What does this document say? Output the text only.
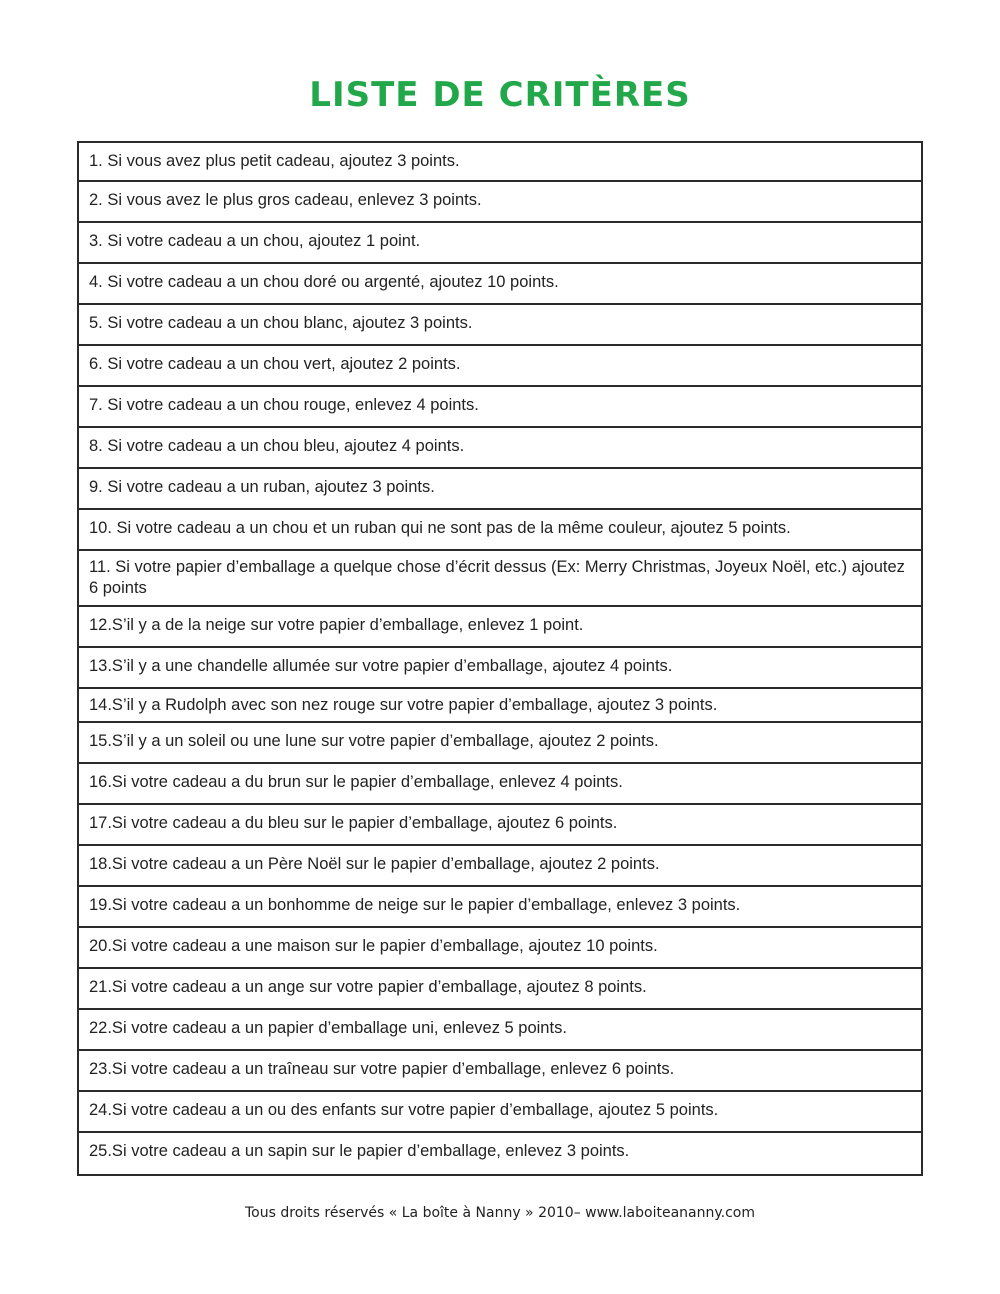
LISTE DE CRITÈRES
1. Si vous avez plus petit cadeau, ajoutez 3 points.
2. Si vous avez le plus gros cadeau, enlevez 3 points.
3. Si votre cadeau a un chou, ajoutez 1 point.
4. Si votre cadeau a un chou doré ou argenté, ajoutez 10 points.
5. Si votre cadeau a un chou blanc, ajoutez 3 points.
6. Si votre cadeau a un chou vert, ajoutez 2 points.
7. Si votre cadeau a un chou rouge, enlevez 4 points.
8. Si votre cadeau a un chou bleu, ajoutez 4 points.
9. Si votre cadeau a un ruban, ajoutez 3 points.
10. Si votre cadeau a un chou et un ruban qui ne sont pas de la même couleur, ajoutez 5 points.
11. Si votre papier d’emballage a quelque chose d’écrit dessus (Ex: Merry Christmas, Joyeux Noël, etc.) ajoutez 6 points
12.S’il y a de la neige sur votre papier d’emballage, enlevez 1 point.
13.S’il y a une chandelle allumée sur votre papier d’emballage, ajoutez 4 points.
14.S’il y a Rudolph avec son nez rouge sur votre papier d’emballage, ajoutez 3 points.
15.S’il y a un soleil ou une lune sur votre papier d’emballage, ajoutez 2 points.
16.Si votre cadeau a du brun sur le papier d’emballage, enlevez 4 points.
17.Si votre cadeau a du bleu sur le papier d’emballage, ajoutez 6 points.
18.Si votre cadeau a un Père Noël sur le papier d’emballage, ajoutez 2 points.
19.Si votre cadeau a un bonhomme de neige sur le papier d’emballage, enlevez 3 points.
20.Si votre cadeau a une maison sur le papier d’emballage, ajoutez 10 points.
21.Si votre cadeau a un ange sur votre papier d’emballage, ajoutez 8 points.
22.Si votre cadeau a un papier d’emballage uni, enlevez 5 points.
23.Si votre cadeau a un traîneau sur votre papier d’emballage, enlevez 6 points.
24.Si votre cadeau a un ou des enfants sur votre papier d’emballage, ajoutez 5 points.
25.Si votre cadeau a un sapin sur le papier d’emballage, enlevez 3 points.

Tous droits réservés « La boîte à Nanny » 2010– www.laboiteananny.com
